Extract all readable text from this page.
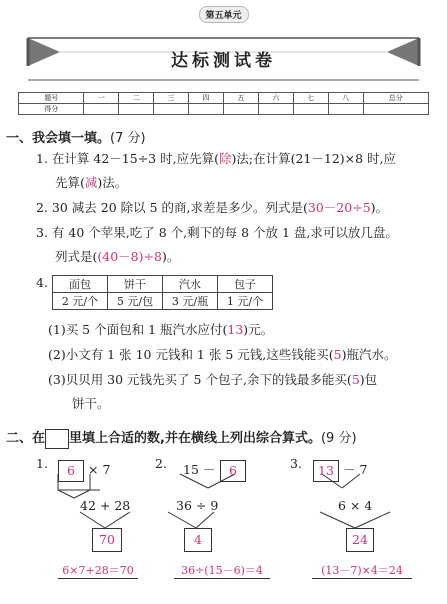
第五单元
达标测试卷
题号	一	二	三	四	五	六	七	八	总分
得分									
一、我会填一填。(7 分)
1. 在计算 42－15÷3 时,应先算(除)法;在计算(21－12)×8 时,应
先算(减)法。
2. 30 减去 20 除以 5 的商,求差是多少。列式是(30－20÷5)。
3. 有 40 个苹果,吃了 8 个,剩下的每 8 个放 1 盘,求可以放几盘。
列式是((40－8)÷8)。
4. 面包	饼干	汽水	包子
2 元/个	5 元/包	3 元/瓶	1 元/个
(1)买 5 个面包和 1 瓶汽水应付(13)元。
(2)小文有 1 张 10 元钱和 1 张 5 元钱,这些钱能买(5)瓶汽水。
(3)贝贝用 30 元钱先买了 5 个包子,余下的钱最多能买(5)包
饼干。
二、在 里填上合适的数,并在横线上列出综合算式。(9 分)
1.	6	× 7
42 + 28
70
6×7+28＝70
2. 15 －	6
36 ÷ 9
4
36÷(15－6)＝4
3.	13 － 7
6 × 4
24
(13－7)×4＝24
